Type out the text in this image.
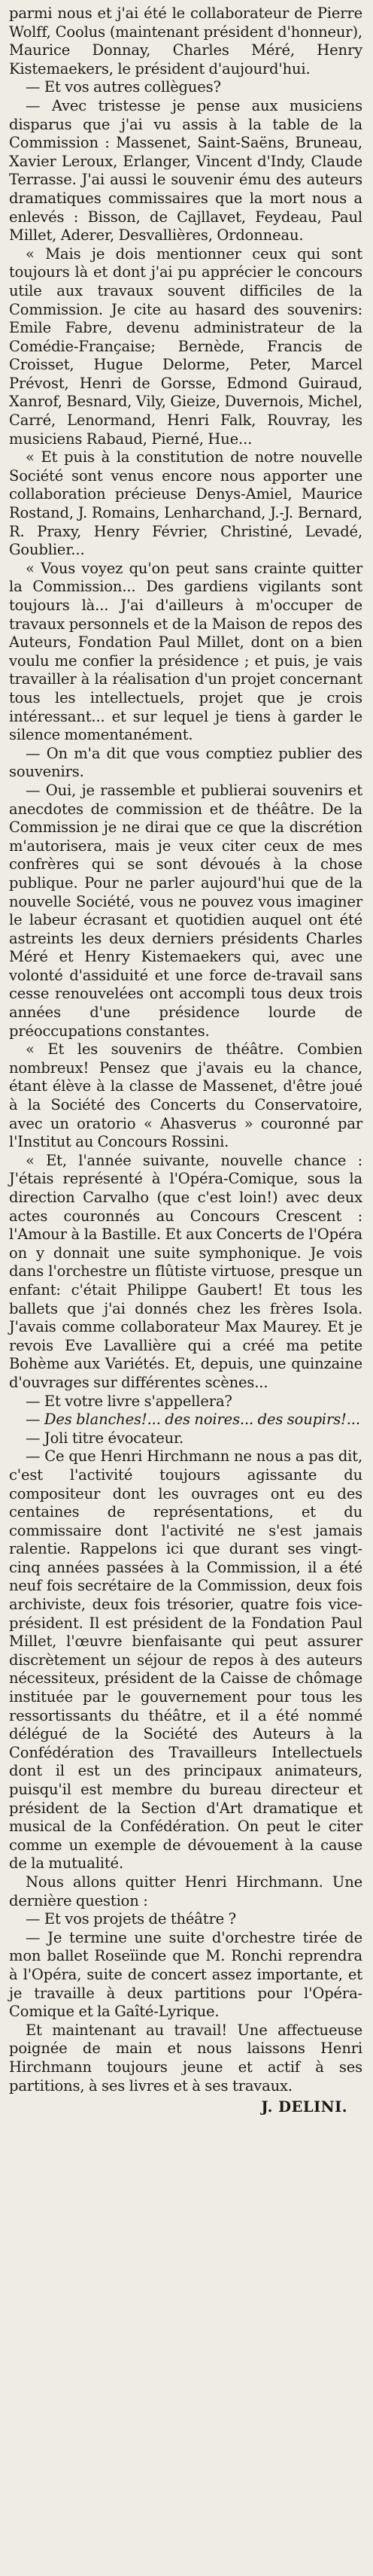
parmi nous et j'ai été le collaborateur de Pierre Wolff, Coolus (maintenant président d'honneur), Maurice Donnay, Charles Méré, Henry Kistemaekers, le président d'aujourd'hui.

— Et vos autres collègues?

— Avec tristesse je pense aux musiciens disparus que j'ai vu assis à la table de la Commission : Massenet, Saint-Saëns, Bruneau, Xavier Leroux, Erlanger, Vincent d'Indy, Claude Terrasse. J'ai aussi le souvenir ému des auteurs dramatiques commissaires que la mort nous a enlevés : Bisson, de Cajllavet, Feydeau, Paul Millet, Aderer, Desvallières, Ordonneau.

« Mais je dois mentionner ceux qui sont toujours là et dont j'ai pu apprécier le concours utile aux travaux souvent difficiles de la Commission. Je cite au hasard des souvenirs: Emile Fabre, devenu administrateur de la Comédie-Française; Bernède, Francis de Croisset, Hugue Delorme, Peter, Marcel Prévost, Henri de Gorsse, Edmond Guiraud, Xanrof, Besnard, Vily, Gieize, Duvernois, Michel, Carré, Lenormand, Henri Falk, Rouvray, les musiciens Rabaud, Pierné, Hue...

« Et puis à la constitution de notre nouvelle Société sont venus encore nous apporter une collaboration précieuse Denys-Amiel, Maurice Rostand, J. Romains, Lenharchand, J.-J. Bernard, R. Praxy, Henry Février, Christiné, Levadé, Goublier...

« Vous voyez qu'on peut sans crainte quitter la Commission... Des gardiens vigilants sont toujours là... J'ai d'ailleurs à m'occuper de travaux personnels et de la Maison de repos des Auteurs, Fondation Paul Millet, dont on a bien voulu me confier la présidence ; et puis, je vais travailler à la réalisation d'un projet concernant tous les intellectuels, projet que je crois intéressant... et sur lequel je tiens à garder le silence momentanément.

— On m'a dit que vous comptiez publier des souvenirs.

— Oui, je rassemble et publierai souvenirs et anecdotes de commission et de théâtre. De la Commission je ne dirai que ce que la discrétion m'autorisera, mais je veux citer ceux de mes confrères qui se sont dévoués à la chose publique. Pour ne parler aujourd'hui que de la nouvelle Société, vous ne pouvez vous imaginer le labeur écrasant et quotidien auquel ont été astreints les deux derniers présidents Charles Méré et Henry Kistemaekers qui, avec une volonté d'assiduité et une force de-travail sans cesse renouvelées ont accompli tous deux trois années d'une présidence lourde de préoccupations constantes.

« Et les souvenirs de théâtre. Combien nombreux! Pensez que j'avais eu la chance, étant élève à la classe de Massenet, d'être joué à la Société des Concerts du Conservatoire, avec un oratorio « Ahasverus » couronné par l'Institut au Concours Rossini.

« Et, l'année suivante, nouvelle chance : J'étais représenté à l'Opéra-Comique, sous la direction Carvalho (que c'est loin!) avec deux actes couronnés au Concours Crescent : l'Amour à la Bastille. Et aux Concerts de l'Opéra on y donnait une suite symphonique. Je vois dans l'orchestre un flûtiste virtuose, presque un enfant: c'était Philippe Gaubert! Et tous les ballets que j'ai donnés chez les frères Isola. J'avais comme collaborateur Max Maurey. Et je revois Eve Lavallière qui a créé ma petite Bohème aux Variétés. Et, depuis, une quinzaine d'ouvrages sur différentes scènes...

— Et votre livre s'appellera?

— Des blanches!... des noires... des soupirs!...

— Joli titre évocateur.

— Ce que Henri Hirchmann ne nous a pas dit, c'est l'activité toujours agissante du compositeur dont les ouvrages ont eu des centaines de représentations, et du commissaire dont l'activité ne s'est jamais ralentie. Rappelons ici que durant ses vingt-cinq années passées à la Commission, il a été neuf fois secrétaire de la Commission, deux fois archiviste, deux fois trésorier, quatre fois vice-président. Il est président de la Fondation Paul Millet, l'œuvre bienfaisante qui peut assurer discrètement un séjour de repos à des auteurs nécessiteux, président de la Caisse de chômage instituée par le gouvernement pour tous les ressortissants du théâtre, et il a été nommé délégué de la Société des Auteurs à la Confédération des Travailleurs Intellectuels dont il est un des principaux animateurs, puisqu'il est membre du bureau directeur et président de la Section d'Art dramatique et musical de la Confédération. On peut le citer comme un exemple de dévouement à la cause de la mutualité.

Nous allons quitter Henri Hirchmann. Une dernière question :

— Et vos projets de théâtre ?

— Je termine une suite d'orchestre tirée de mon ballet Roseïinde que M. Ronchi reprendra à l'Opéra, suite de concert assez importante, et je travaille à deux partitions pour l'Opéra-Comique et la Gaîté-Lyrique.

Et maintenant au travail! Une affectueuse poignée de main et nous laissons Henri Hirchmann toujours jeune et actif à ses partitions, à ses livres et à ses travaux.

J. DELINI.
